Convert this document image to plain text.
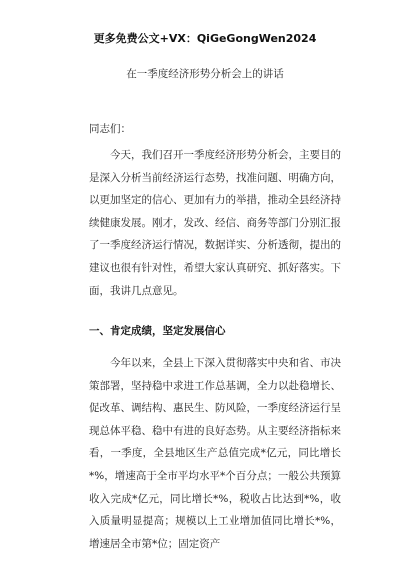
更多免费公文+VX：QiGeGongWen2024
在一季度经济形势分析会上的讲话
同志们：

今天，我们召开一季度经济形势分析会，主要目的是深入分析当前经济运行态势，找准问题、明确方向，以更加坚定的信心、更加有力的举措，推动全县经济持续健康发展。刚才，发改、经信、商务等部门分别汇报了一季度经济运行情况，数据详实、分析透彻，提出的建议也很有针对性，希望大家认真研究、抓好落实。下面，我讲几点意见。

一、肯定成绩，坚定发展信心

今年以来，全县上下深入贯彻落实中央和省、市决策部署，坚持稳中求进工作总基调，全力以赴稳增长、促改革、调结构、惠民生、防风险，一季度经济运行呈现总体平稳、稳中有进的良好态势。从主要经济指标来看，一季度，全县地区生产总值完成*亿元，同比增长*%，增速高于全市平均水平*个百分点；一般公共预算收入完成*亿元，同比增长*%，税收占比达到*%，收入质量明显提高；规模以上工业增加值同比增长*%，增速居全市第*位；固定资产
